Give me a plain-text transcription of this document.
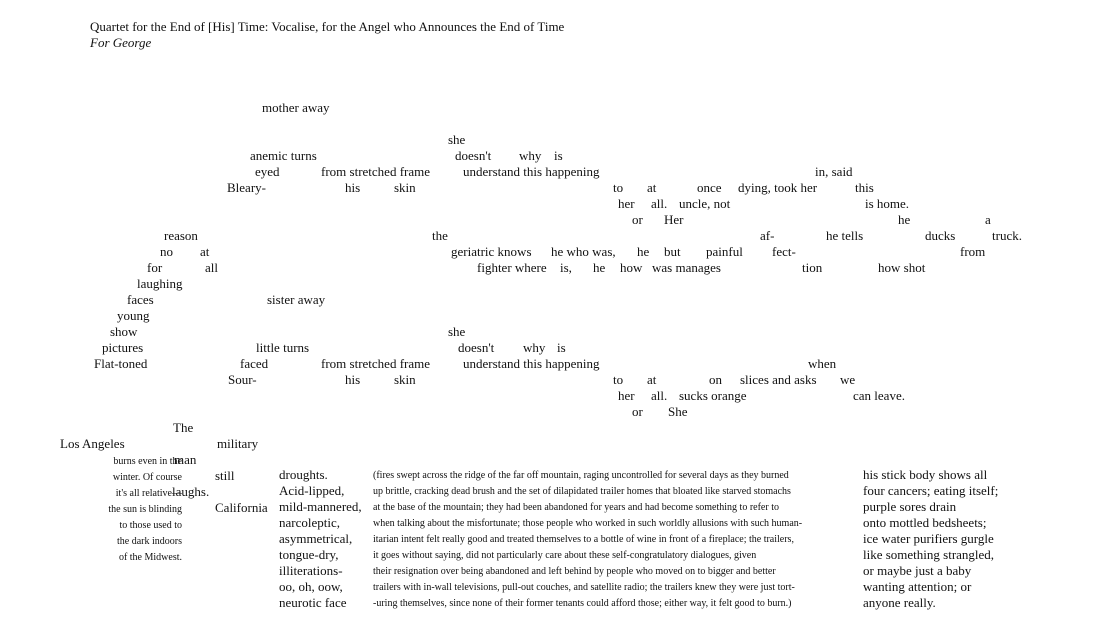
Quartet for the End of [His] Time: Vocalise, for the Angel who Announces the End of Time
For George
mother away
she
anemic turns	doesn't why is
eyed	from stretched frame	understand this happening	in, said
Bleary-	his	skin	to at	once dying, took her	this
her all. uncle, not	is home.
or Her	he	a
reason	the	af-	he tells	ducks	truck.
no at	geriatric knows he who was, he but painful fect-	from
for	all	fighter where is, he how was manages	tion	how shot
laughing
faces	sister away
young
show	she
pictures	little turns	doesn't why is
Flat-toned	faced	from stretched frame	understand this happening	when
Sour-	his	skin	to at	on slices and asks we
her all. sucks orange	can leave.
or She
The
Los Angeles	military
man
still
laughs.
California
burns even in the
winter. Of course
it's all relative—
the sun is blinding
to those used to
the dark indoors
of the Midwest.
droughts.
Acid-lipped,
mild-mannered,
narcoleptic,
asymmetrical,
tongue-dry,
illiterations-
oo, oh, oow,
neurotic face
(fires swept across the ridge of the far off mountain, raging uncontrolled for several days as they burned
up brittle, cracking dead brush and the set of dilapidated trailer homes that bloated like starved stomachs
at the base of the mountain; they had been abandoned for years and had become something to refer to
when talking about the misfortunate; those people who worked in such worldly allusions with such human-
itarian intent felt really good and treated themselves to a bottle of wine in front of a fireplace; the trailers,
it goes without saying, did not particularly care about these self-congratulatory dialogues, given
their resignation over being abandoned and left behind by people who moved on to bigger and better
trailers with in-wall televisions, pull-out couches, and satellite radio; the trailers knew they were just tort-
-uring themselves, since none of their former tenants could afford those; either way, it felt good to burn.)
his stick body shows all
four cancers; eating itself;
purple sores drain
onto mottled bedsheets;
ice water purifiers gurgle
like something strangled,
or maybe just a baby
wanting attention; or
anyone really.
